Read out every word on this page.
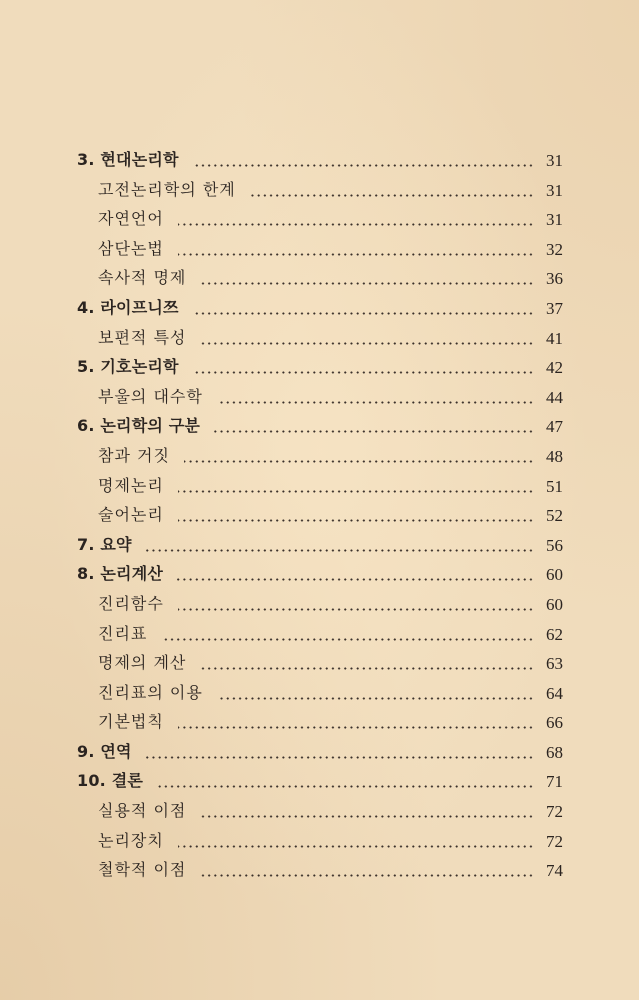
3. 현대논리학	31
고전논리학의 한계	31
자연언어	31
삼단논법	32
속사적 명제	36
4. 라이프니쯔	37
보편적 특성	41
5. 기호논리학	42
부울의 대수학	44
6. 논리학의 구분	47
참과 거짓	48
명제논리	51
술어논리	52
7. 요약	56
8. 논리계산	60
진리함수	60
진리표	62
명제의 계산	63
진리표의 이용	64
기본법칙	66
9. 연역	68
10. 결론	71
실용적 이점	72
논리장치	72
철학적 이점	74
